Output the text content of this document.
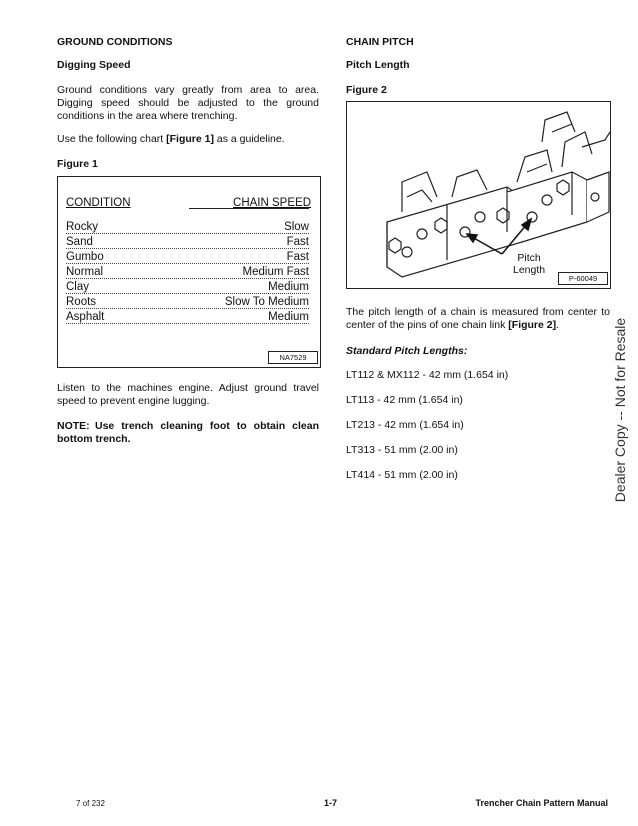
GROUND CONDITIONS
Digging Speed
Ground conditions vary greatly from area to area. Digging speed should be adjusted to the ground conditions in the area where trenching.
Use the following chart [Figure 1] as a guideline.
Figure 1
CONDITION	CHAIN SPEED
NA7529
Rocky	Slow
Sand	Fast
Gumbo	Fast
Normal	Medium Fast
Clay	Medium
Roots	Slow To Medium
Asphalt	Medium
Listen to the machines engine. Adjust ground travel speed to prevent engine lugging.
NOTE: Use trench cleaning foot to obtain clean bottom trench.
CHAIN PITCH
Pitch Length
Figure 2
Pitch
Length
P-60049
The pitch length of a chain is measured from center to center of the pins of one chain link [Figure 2].
Standard Pitch Lengths:
LT112 & MX112 - 42 mm (1.654 in)
LT113 - 42 mm (1.654 in)
LT213 - 42 mm (1.654 in)
LT313 - 51 mm (2.00 in)
LT414 - 51 mm (2.00 in)	Dealer Copy -- Not for Resale
7 of 232	1-7	Trencher Chain Pattern Manual
